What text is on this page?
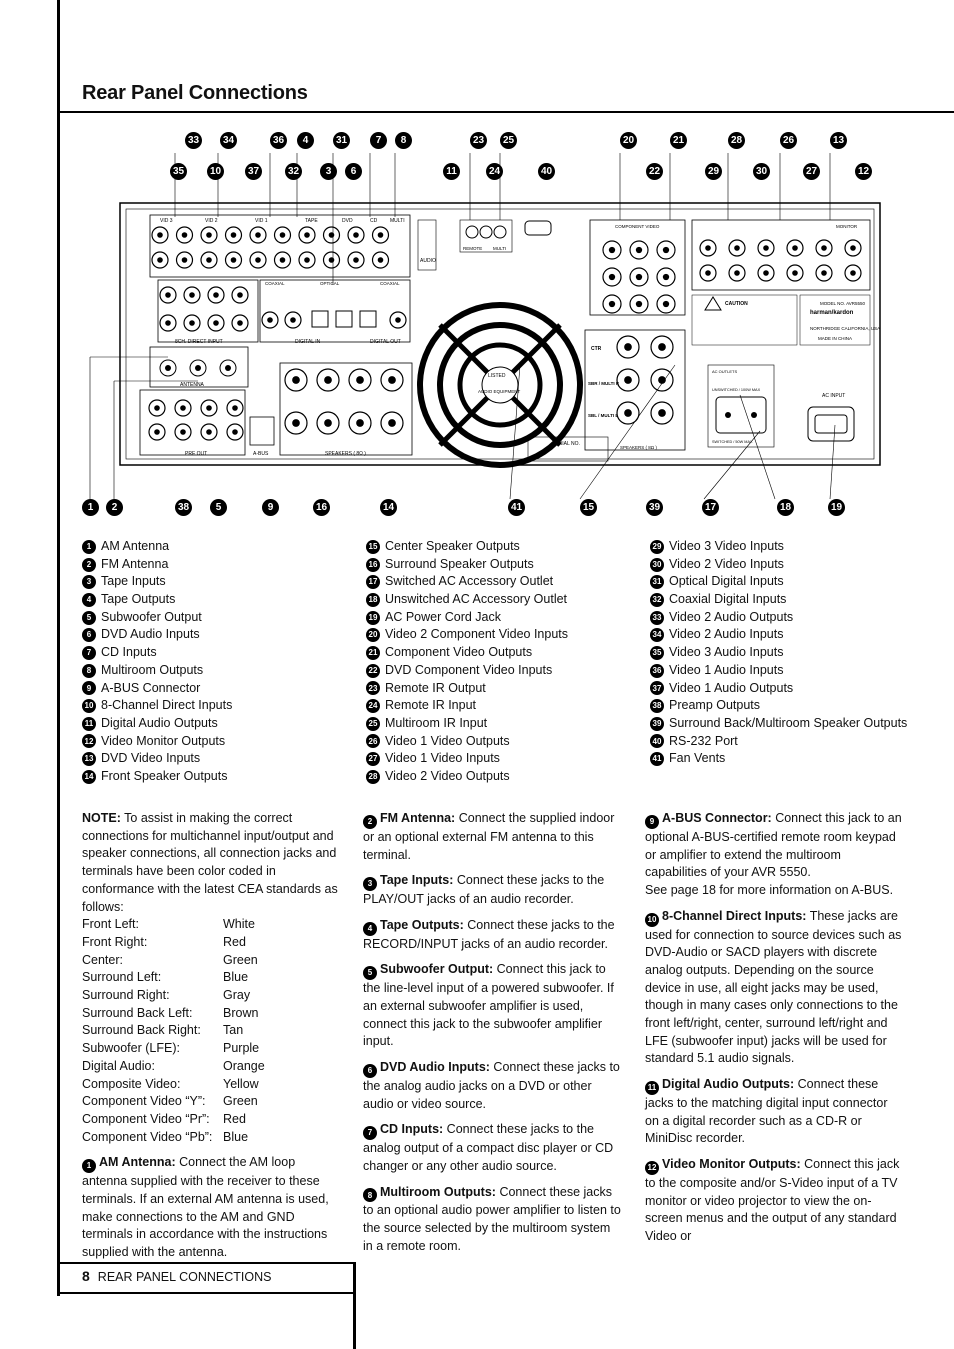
Rear Panel Connections
VID 3	VID 2	VID 1	TAPE	DVD	CD	MULTI
AUDIO
8CH. DIRECT INPUT
COAXIAL	OPTICAL	COAXIAL
DIGITAL IN	DIGITAL OUT
ANTENNA
PRE OUT	A-BUS	SPEAKERS ( 8Ω )
LISTED
AUDIO EQUIPMENT
REMOTE MULTI
COMPONENT VIDEO	MONITOR
CAUTION	MODEL NO. AVR5550
harman/kardon
NORTHRIDGE CALIFORNIA, USA
MADE IN CHINA
CTR
SBR / MULTI R
SBL / MULTI L
SPEAKERS ( 8Ω )
AC OUTLETS
UNSWITCHED / 100W MAX
SWITCHED / 50W MAX
AC INPUT
SERIAL NO.
33 34	36	4	31	7	8	23 25	20	21	28	26	13
35	10	37	32	3	6	11	24	40	22	29	30	27	12
1	2	38	5	9	16	14	41	15	39	17	18	19
1 AM Antenna
2 FM Antenna
3 Tape Inputs
4 Tape Outputs
5 Subwoofer Output
6 DVD Audio Inputs
7 CD Inputs
8 Multiroom Outputs
9 A-BUS Connector
10 8-Channel Direct Inputs
11 Digital Audio Outputs
12 Video Monitor Outputs
13 DVD Video Inputs
14 Front Speaker Outputs
15 Center Speaker Outputs
16 Surround Speaker Outputs
17 Switched AC Accessory Outlet
18 Unswitched AC Accessory Outlet
19 AC Power Cord Jack
20 Video 2 Component Video Inputs
21 Component Video Outputs
22 DVD Component Video Inputs
23 Remote IR Output
24 Remote IR Input
25 Multiroom IR Input
26 Video 1 Video Outputs
27 Video 1 Video Inputs
28 Video 2 Video Outputs
29 Video 3 Video Inputs
30 Video 2 Video Inputs
31 Optical Digital Inputs
32 Coaxial Digital Inputs
33 Video 2 Audio Outputs
34 Video 2 Audio Inputs
35 Video 3 Audio Inputs
36 Video 1 Audio Inputs
37 Video 1 Audio Outputs
38 Preamp Outputs
39 Surround Back/Multiroom Speaker Outputs
40 RS-232 Port
41 Fan Vents

NOTE: To assist in making the correct connections for multichannel input/output and speaker connections, all connection jacks and terminals have been color coded in conformance with the latest CEA standards as follows:

Front Left:	White
Front Right:	Red
Center:	Green
Surround Left:	Blue
Surround Right:	Gray
Surround Back Left:	Brown
Surround Back Right:	Tan
Subwoofer (LFE):	Purple
Digital Audio:	Orange
Composite Video:	Yellow
Component Video “Y”:	Green
Component Video “Pr”:	Red
Component Video “Pb”: Blue

1 AM Antenna: Connect the AM loop antenna supplied with the receiver to these terminals. If an external AM antenna is used, make connections to the AM and GND terminals in accordance with the instructions supplied with the antenna.

2 FM Antenna: Connect the supplied indoor or an optional external FM antenna to this terminal.

3 Tape Inputs: Connect these jacks to the PLAY/OUT jacks of an audio recorder.

4 Tape Outputs: Connect these jacks to the RECORD/INPUT jacks of an audio recorder.

5 Subwoofer Output: Connect this jack to the line-level input of a powered subwoofer. If an external subwoofer amplifier is used, connect this jack to the subwoofer amplifier input.

6 DVD Audio Inputs: Connect these jacks to the analog audio jacks on a DVD or other audio or video source.

7 CD Inputs: Connect these jacks to the analog output of a compact disc player or CD changer or any other audio source.

8 Multiroom Outputs: Connect these jacks to an optional audio power amplifier to listen to the source selected by the multiroom system in a remote room.

9 A-BUS Connector: Connect this jack to an optional A-BUS-certified remote room keypad or amplifier to extend the multiroom capabilities of your AVR 5550.
See page 18 for more information on A-BUS.

10 8-Channel Direct Inputs: These jacks are used for connection to source devices such as DVD-Audio or SACD players with discrete analog outputs. Depending on the source device in use, all eight jacks may be used, though in many cases only connections to the front left/right, center, surround left/right and LFE (subwoofer input) jacks will be used for standard 5.1 audio signals.

11 Digital Audio Outputs: Connect these jacks to the matching digital input connector on a digital recorder such as a CD-R or MiniDisc recorder.

12 Video Monitor Outputs: Connect this jack to the composite and/or S-Video input of a TV monitor or video projector to view the on-screen menus and the output of any standard Video or

8 REAR PANEL CONNECTIONS
